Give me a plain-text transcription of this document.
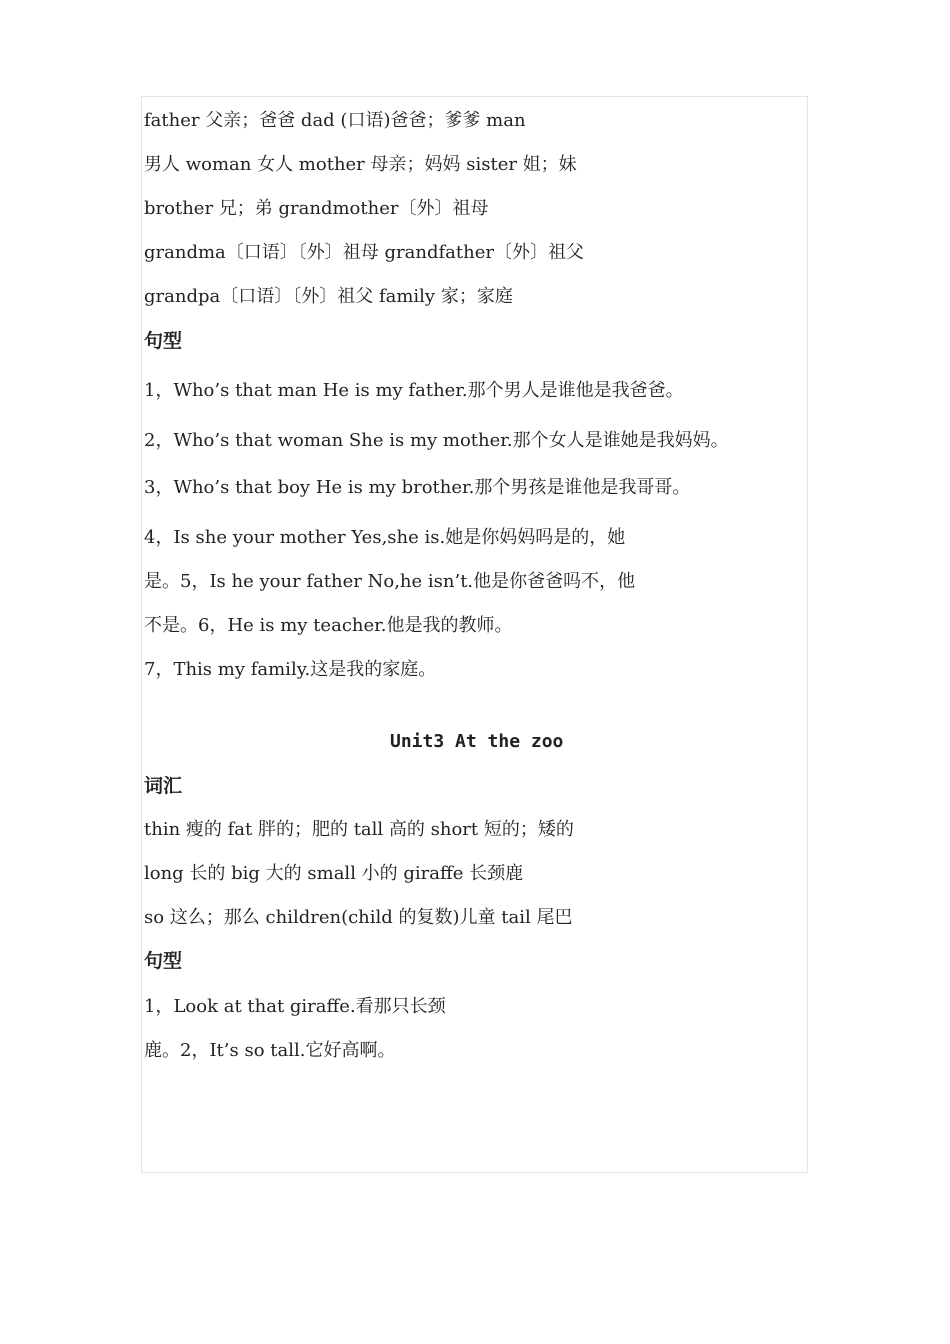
father 父亲；爸爸 dad (口语)爸爸；爹爹 man
男人 woman 女人 mother 母亲；妈妈 sister 姐；妹
brother 兄；弟 grandmother〔外〕祖母
grandma〔口语〕〔外〕祖母 grandfather〔外〕祖父
grandpa〔口语〕〔外〕祖父 family 家；家庭
句型
1，Who’s that man He is my father.那个男人是谁他是我爸爸。
2，Who’s that woman She is my mother.那个女人是谁她是我妈妈。
3，Who’s that boy He is my brother.那个男孩是谁他是我哥哥。
4，Is she your mother Yes,she is.她是你妈妈吗是的，她
是。5，Is he your father No,he isn’t.他是你爸爸吗不，他
不是。6，He is my teacher.他是我的教师。
7，This my family.这是我的家庭。
Unit3 At the zoo
词汇
thin 瘦的 fat 胖的；肥的 tall 高的 short 短的；矮的
long 长的 big 大的 small 小的 giraffe 长颈鹿
so 这么；那么 children(child 的复数)儿童 tail 尾巴
句型
1，Look at that giraffe.看那只长颈
鹿。2，It’s so tall.它好高啊。
